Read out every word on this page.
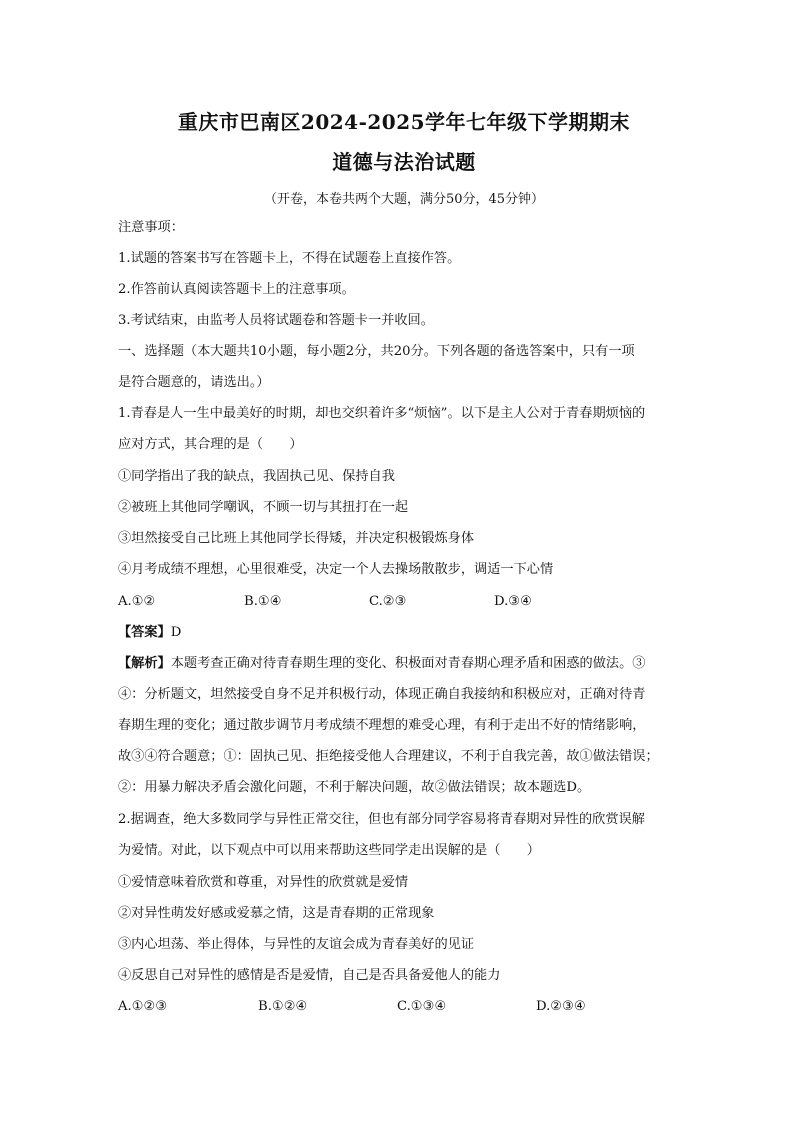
重庆市巴南区2024-2025学年七年级下学期期末
道德与法治试题
（开卷，本卷共两个大题，满分50分，45分钟）
注意事项：
1.试题的答案书写在答题卡上，不得在试题卷上直接作答。
2.作答前认真阅读答题卡上的注意事项。
3.考试结束，由监考人员将试题卷和答题卡一并收回。
一、选择题（本大题共10小题，每小题2分，共20分。下列各题的备选答案中，只有一项
是符合题意的，请选出。）
1.青春是人一生中最美好的时期，却也交织着许多“烦恼”。以下是主人公对于青春期烦恼的
应对方式，其合理的是（　　）
①同学指出了我的缺点，我固执己见、保持自我
②被班上其他同学嘲讽，不顾一切与其扭打在一起
③坦然接受自己比班上其他同学长得矮，并决定积极锻炼身体
④月考成绩不理想，心里很难受，决定一个人去操场散散步，调适一下心情
A.①②	B.①④	C.②③	D.③④
【答案】D
【解析】本题考查正确对待青春期生理的变化、积极面对青春期心理矛盾和困惑的做法。③
④：分析题文，坦然接受自身不足并积极行动，体现正确自我接纳和积极应对，正确对待青
春期生理的变化；通过散步调节月考成绩不理想的难受心理，有利于走出不好的情绪影响，
故③④符合题意；①：固执己见、拒绝接受他人合理建议，不利于自我完善，故①做法错误；
②：用暴力解决矛盾会激化问题，不利于解决问题，故②做法错误；故本题选D。
2.据调查，绝大多数同学与异性正常交往，但也有部分同学容易将青春期对异性的欣赏误解
为爱情。对此，以下观点中可以用来帮助这些同学走出误解的是（　　）
①爱情意味着欣赏和尊重，对异性的欣赏就是爱情
②对异性萌发好感或爱慕之情，这是青春期的正常现象
③内心坦荡、举止得体，与异性的友谊会成为青春美好的见证
④反思自己对异性的感情是否是爱情，自己是否具备爱他人的能力
A.①②③	B.①②④	C.①③④	D.②③④
